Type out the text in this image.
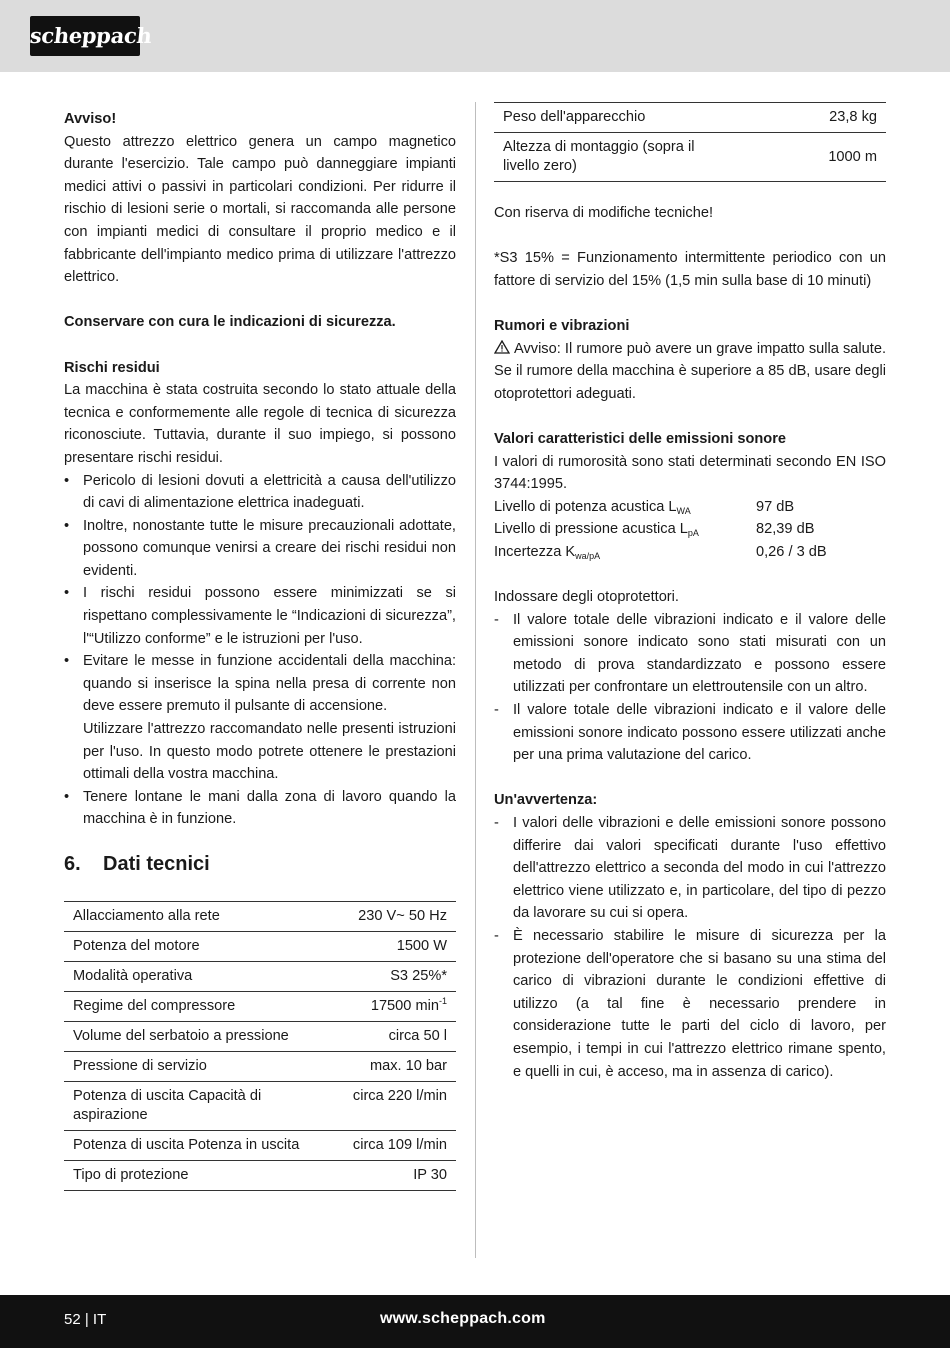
scheppach

Avviso!

Questo attrezzo elettrico genera un campo magnetico durante l'esercizio. Tale campo può danneggiare impianti medici attivi o passivi in particolari condizioni. Per ridurre il rischio di lesioni serie o mortali, si raccomanda alle persone con impianti medici di consultare il proprio medico e il fabbricante dell'impianto medico prima di utilizzare l'attrezzo elettrico.

Conservare con cura le indicazioni di sicurezza.

Rischi residui

La macchina è stata costruita secondo lo stato attuale della tecnica e conformemente alle regole di tecnica di sicurezza riconosciute. Tuttavia, durante il suo impiego, si possono presentare rischi residui.

• Pericolo di lesioni dovuti a elettricità a causa dell'utilizzo di cavi di alimentazione elettrica inadeguati.
• Inoltre, nonostante tutte le misure precauzionali adottate, possono comunque venirsi a creare dei rischi residui non evidenti.
• I rischi residui possono essere minimizzati se si rispettano complessivamente le “Indicazioni di sicurezza”, l'“Utilizzo conforme” e le istruzioni per l'uso.
• Evitare le messe in funzione accidentali della macchina: quando si inserisce la spina nella presa di corrente non deve essere premuto il pulsante di accensione.
Utilizzare l'attrezzo raccomandato nelle presenti istruzioni per l'uso. In questo modo potrete ottenere le prestazioni ottimali della vostra macchina.
• Tenere lontane le mani dalla zona di lavoro quando la macchina è in funzione.
6.	Dati tecnici
Allacciamento alla rete	230 V~ 50 Hz
Potenza del motore	1500 W
Modalità operativa	S3 25%*
Regime del compressore	17500 $\min^{-1}$
Volume del serbatoio a pressione	circa 50 l
Pressione di servizio	max. 10 bar
Potenza di uscita Capacità di aspirazione	circa 220 l/min
Potenza di uscita Potenza in uscita	circa 109 l/min
Tipo di protezione	IP 30
Peso dell'apparecchio	23,8 kg
Altezza di montaggio (sopra il livello zero)	1000 m

Con riserva di modifiche tecniche!

*S3 15% = Funzionamento intermittente periodico con un fattore di servizio del 15% (1,5 min sulla base di 10 minuti)

Rumori e vibrazioni

Avviso: Il rumore può avere un grave impatto sulla salute. Se il rumore della macchina è superiore a 85 dB, usare degli otoprotettori adeguati.

Valori caratteristici delle emissioni sonore

I valori di rumorosità sono stati determinati secondo EN ISO 3744:1995.

Livello di potenza acustica $L_{WA}$	97 dB
Livello di pressione acustica $L_{pA}$	82,39 dB
Incertezza $K_{wa/pA}$	0,26 / 3 dB

Indossare degli otoprotettori.

- Il valore totale delle vibrazioni indicato e il valore delle emissioni sonore indicato sono stati misurati con un metodo di prova standardizzato e possono essere utilizzati per confrontare un elettroutensile con un altro.
- Il valore totale delle vibrazioni indicato e il valore delle emissioni sonore indicato possono essere utilizzati anche per una prima valutazione del carico.

Un'avvertenza:

- I valori delle vibrazioni e delle emissioni sonore possono differire dai valori specificati durante l'uso effettivo dell'attrezzo elettrico a seconda del modo in cui l'attrezzo elettrico viene utilizzato e, in particolare, del tipo di pezzo da lavorare su cui si opera.
- È necessario stabilire le misure di sicurezza per la protezione dell'operatore che si basano su una stima del carico di vibrazioni durante le condizioni effettive di utilizzo (a tal fine è necessario prendere in considerazione tutte le parti del ciclo di lavoro, per esempio, i tempi in cui l'attrezzo elettrico rimane spento, e quelli in cui, è acceso, ma in assenza di carico).
52 | IT	www.scheppach.com
